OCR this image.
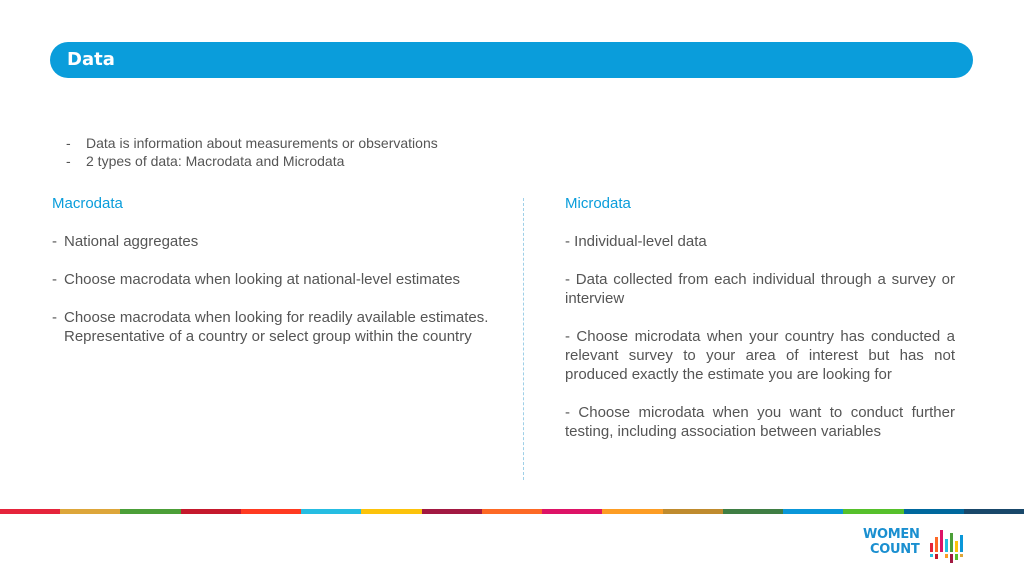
Data
-	Data is information about measurements or observations
-	2 types of data: Macrodata and Microdata
Macrodata
- National aggregates
- Choose macrodata when looking at national-level estimates
- Choose macrodata when looking for readily available estimates. Representative of a country or select group within the country
Microdata

- Individual-level data

- Data collected from each individual through a survey or interview

- Choose microdata when your country has conducted a relevant survey to your area of interest but has not produced exactly the estimate you are looking for

- Choose microdata when you want to conduct further testing, including association between variables

WOMEN
COUNT
